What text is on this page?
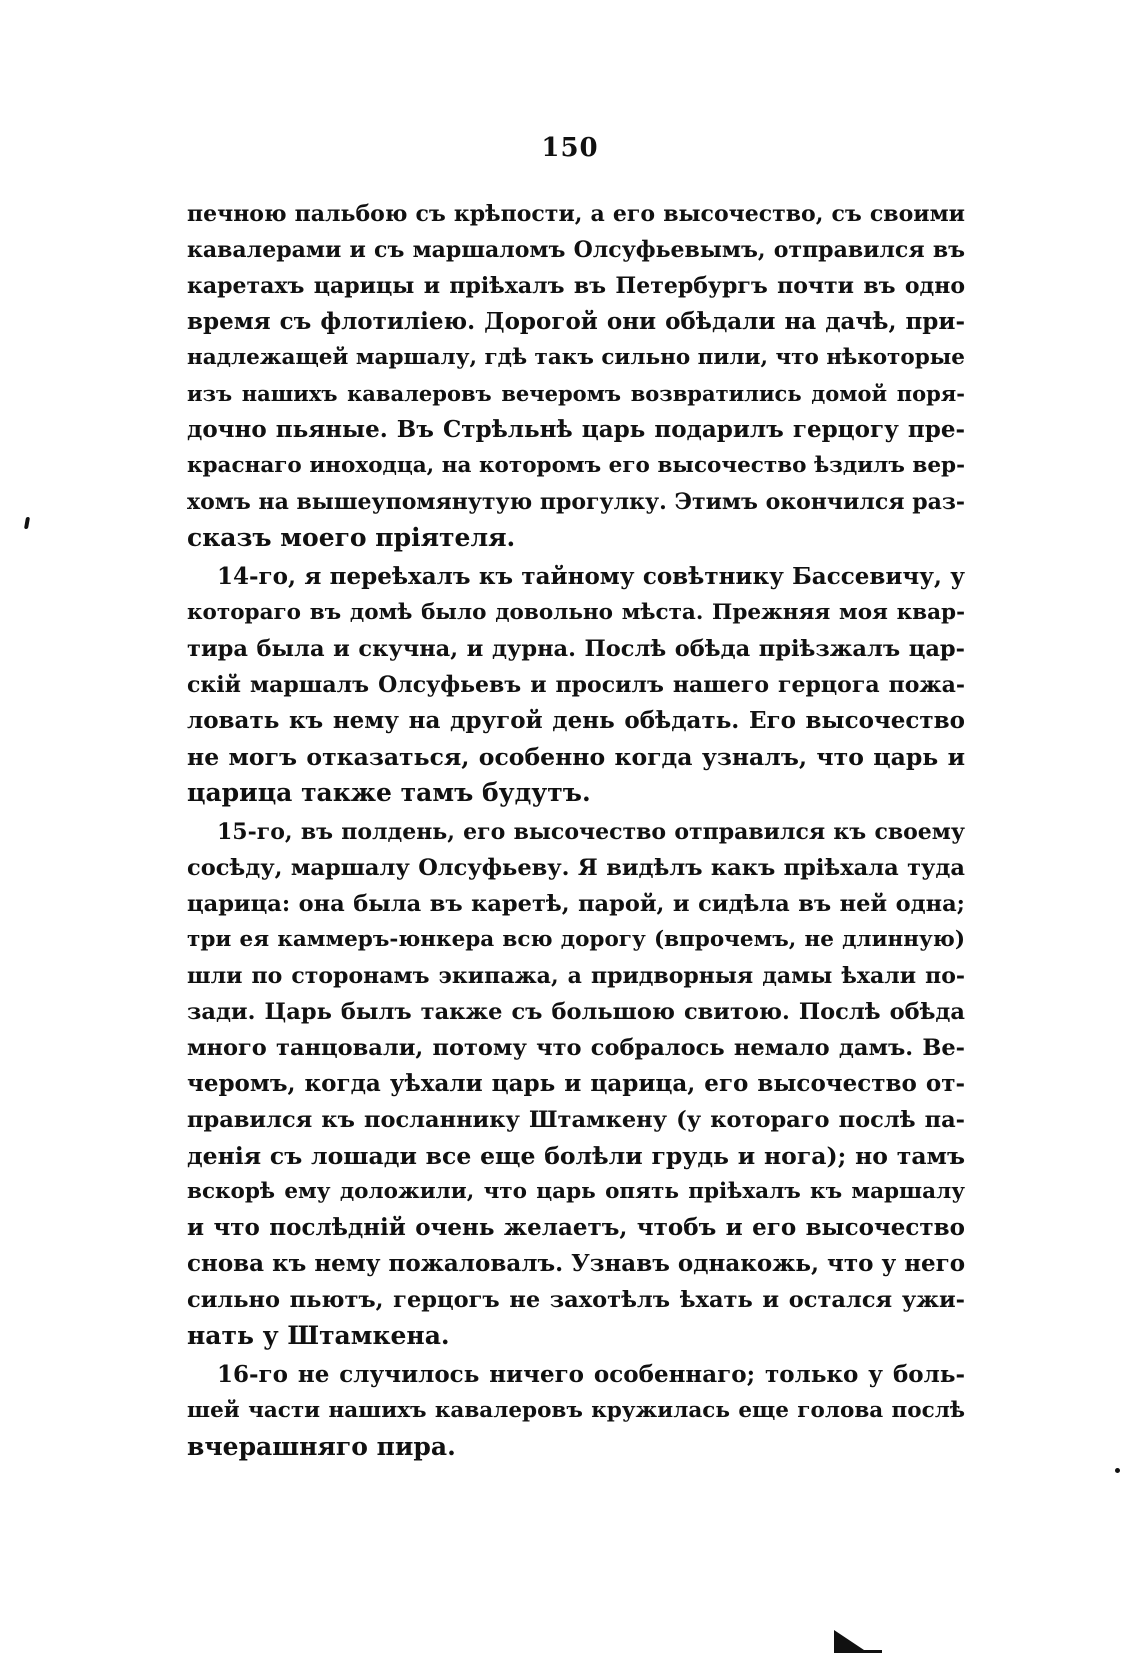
150

печною пальбою съ крѣпости, а его высочество, съ своими
кавалерами и съ маршаломъ Олсуфьевымъ, отправился въ
каретахъ царицы и пріѣхалъ въ Петербургъ почти въ одно
время съ флотиліею. Дорогой они обѣдали на дачѣ, при-
надлежащей маршалу, гдѣ такъ сильно пили, что нѣкоторые
изъ нашихъ кавалеровъ вечеромъ возвратились домой поря-
дочно пьяные. Въ Стрѣльнѣ царь подарилъ герцогу пре-
краснаго иноходца, на которомъ его высочество ѣздилъ вер-
хомъ на вышеупомянутую прогулку. Этимъ окончился раз-
сказъ моего пріятеля.

14-го, я переѣхалъ къ тайному совѣтнику Бассевичу, у
котораго въ домѣ было довольно мѣста. Прежняя моя квар-
тира была и скучна, и дурна. Послѣ обѣда пріѣзжалъ цар-
скій маршалъ Олсуфьевъ и просилъ нашего герцога пожа-
ловать къ нему на другой день обѣдать. Его высочество
не могъ отказаться, особенно когда узналъ, что царь и
царица также тамъ будутъ.

15-го, въ полдень, его высочество отправился къ своему
сосѣду, маршалу Олсуфьеву. Я видѣлъ какъ пріѣхала туда
царица: она была въ каретѣ, парой, и сидѣла въ ней одна;
три ея каммеръ-юнкера всю дорогу (впрочемъ, не длинную)
шли по сторонамъ экипажа, а придворныя дамы ѣхали по-
зади. Царь былъ также съ большою свитою. Послѣ обѣда
много танцовали, потому что собралось немало дамъ. Ве-
черомъ, когда уѣхали царь и царица, его высочество от-
правился къ посланнику Штамкену (у котораго послѣ па-
денія съ лошади все еще болѣли грудь и нога); но тамъ
вскорѣ ему доложили, что царь опять пріѣхалъ къ маршалу
и что послѣдній очень желаетъ, чтобъ и его высочество
снова къ нему пожаловалъ. Узнавъ однакожь, что у него
сильно пьютъ, герцогъ не захотѣлъ ѣхать и остался ужи-
нать у Штамкена.

16-го не случилось ничего особеннаго; только у боль-
шей части нашихъ кавалеровъ кружилась еще голова послѣ
вчерашняго пира.
